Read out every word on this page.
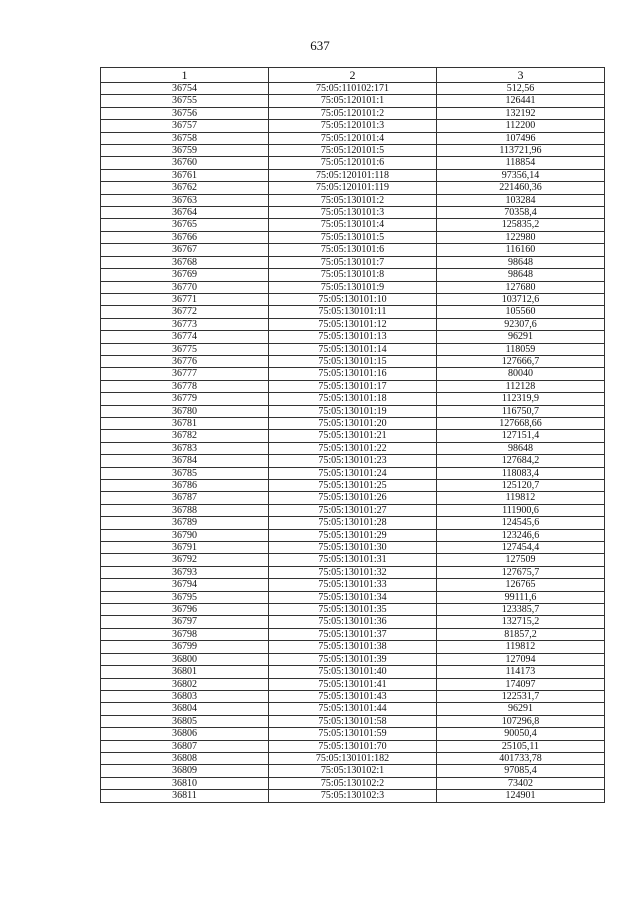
637
1	2	3
36754	75:05:110102:171	512,56
36755	75:05:120101:1	126441
36756	75:05:120101:2	132192
36757	75:05:120101:3	112200
36758	75:05:120101:4	107496
36759	75:05:120101:5	113721,96
36760	75:05:120101:6	118854
36761	75:05:120101:118	97356,14
36762	75:05:120101:119	221460,36
36763	75:05:130101:2	103284
36764	75:05:130101:3	70358,4
36765	75:05:130101:4	125835,2
36766	75:05:130101:5	122980
36767	75:05:130101:6	116160
36768	75:05:130101:7	98648
36769	75:05:130101:8	98648
36770	75:05:130101:9	127680
36771	75:05:130101:10	103712,6
36772	75:05:130101:11	105560
36773	75:05:130101:12	92307,6
36774	75:05:130101:13	96291
36775	75:05:130101:14	118059
36776	75:05:130101:15	127666,7
36777	75:05:130101:16	80040
36778	75:05:130101:17	112128
36779	75:05:130101:18	112319,9
36780	75:05:130101:19	116750,7
36781	75:05:130101:20	127668,66
36782	75:05:130101:21	127151,4
36783	75:05:130101:22	98648
36784	75:05:130101:23	127684,2
36785	75:05:130101:24	118083,4
36786	75:05:130101:25	125120,7
36787	75:05:130101:26	119812
36788	75:05:130101:27	111900,6
36789	75:05:130101:28	124545,6
36790	75:05:130101:29	123246,6
36791	75:05:130101:30	127454,4
36792	75:05:130101:31	127509
36793	75:05:130101:32	127675,7
36794	75:05:130101:33	126765
36795	75:05:130101:34	99111,6
36796	75:05:130101:35	123385,7
36797	75:05:130101:36	132715,2
36798	75:05:130101:37	81857,2
36799	75:05:130101:38	119812
36800	75:05:130101:39	127094
36801	75:05:130101:40	114173
36802	75:05:130101:41	174097
36803	75:05:130101:43	122531,7
36804	75:05:130101:44	96291
36805	75:05:130101:58	107296,8
36806	75:05:130101:59	90050,4
36807	75:05:130101:70	25105,11
36808	75:05:130101:182	401733,78
36809	75:05:130102:1	97085,4
36810	75:05:130102:2	73402
36811	75:05:130102:3	124901
